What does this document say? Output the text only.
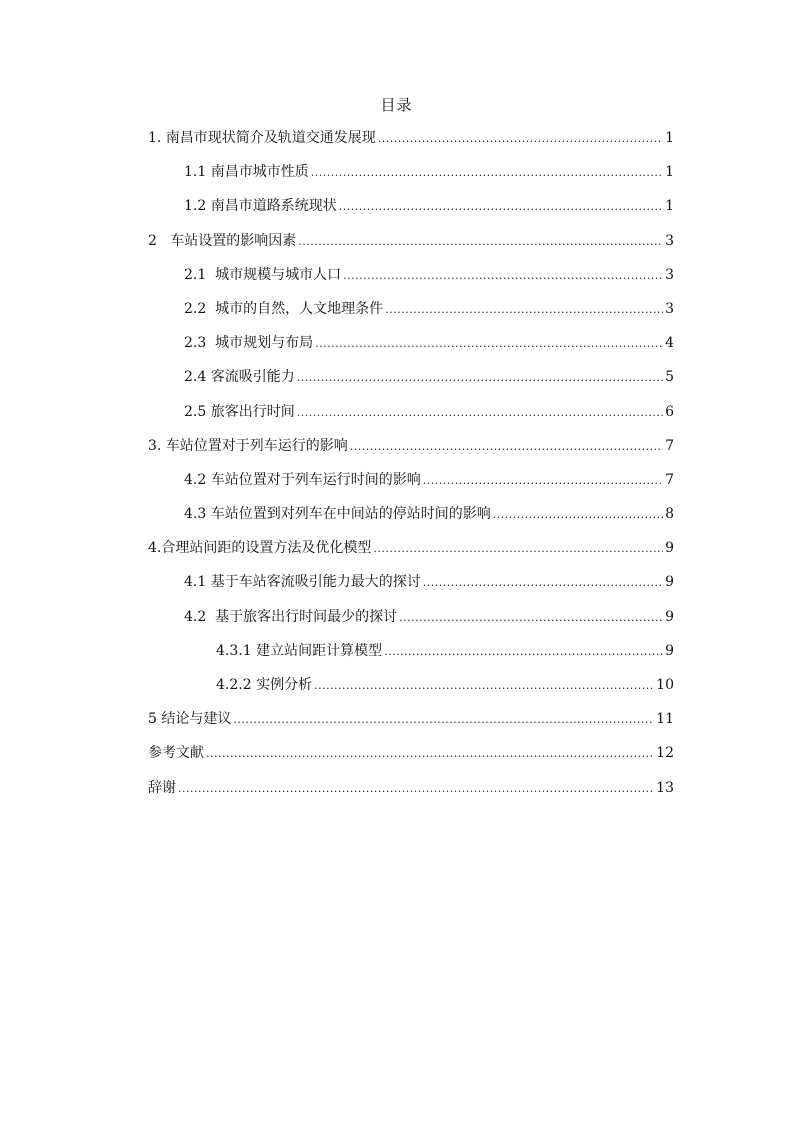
目录
1. 南昌市现状简介及轨道交通发展现 .....	1
1.1 南昌市城市性质 .....	1
1.2 南昌市道路系统现状 .....	1
2   车站设置的影响因素 .....	3
2.1  城市规模与城市人口 .....	3
2.2  城市的自然，人文地理条件 .....	3
2.3  城市规划与布局 .....	4
2.4 客流吸引能力 .....	5
2.5 旅客出行时间 .....	6
3. 车站位置对于列车运行的影响 .....	7
4.2 车站位置对于列车运行时间的影响 .....	7
4.3 车站位置到对列车在中间站的停站时间的影响 .....	8
4.合理站间距的设置方法及优化模型 .....	9
4.1 基于车站客流吸引能力最大的探讨 .....	9
4.2  基于旅客出行时间最少的探讨 .....	9
4.3.1 建立站间距计算模型 .....	9
4.2.2 实例分析 .....	10
5 结论与建议 .....	11
参考文献 .....	12
辞谢 .....	13
